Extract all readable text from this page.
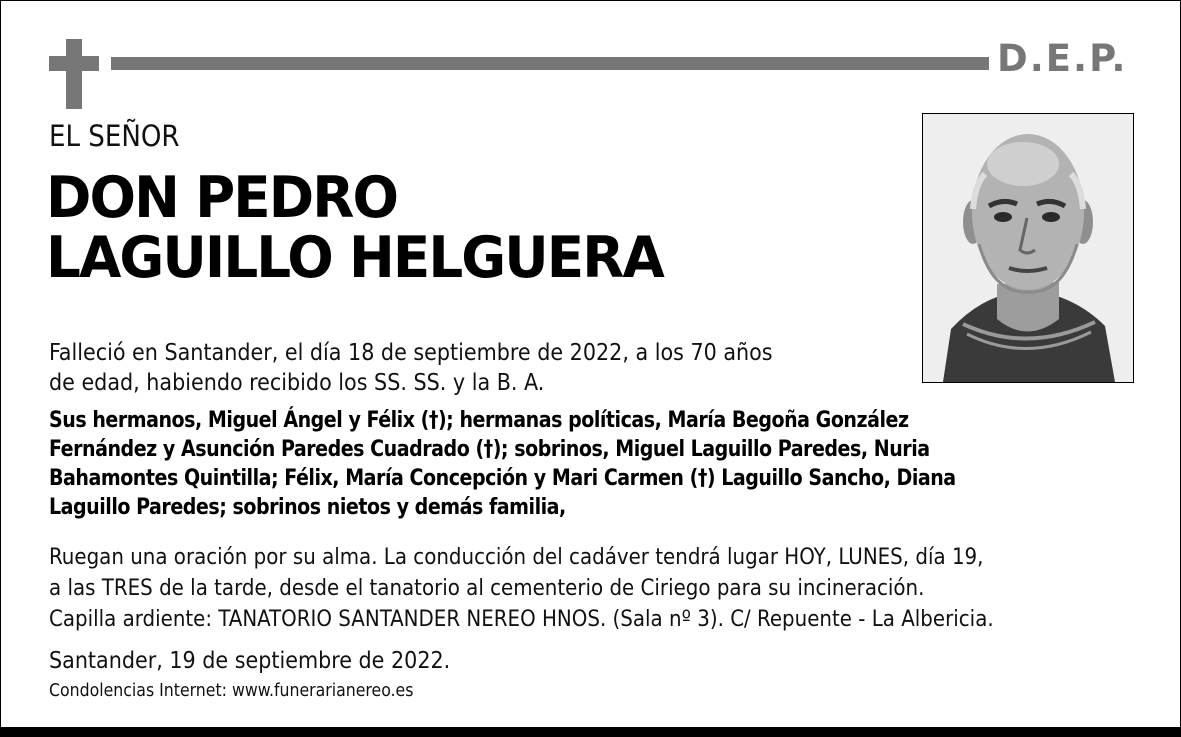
D.E.P.
EL SEÑOR
DON PEDRO
LAGUILLO HELGUERA
Falleció en Santander, el día 18 de septiembre de 2022, a los 70 años
de edad, habiendo recibido los SS. SS. y la B. A.
Sus hermanos, Miguel Ángel y Félix (†); hermanas políticas, María Begoña González
Fernández y Asunción Paredes Cuadrado (†); sobrinos, Miguel Laguillo Paredes, Nuria
Bahamontes Quintilla; Félix, María Concepción y Mari Carmen (†) Laguillo Sancho, Diana
Laguillo Paredes; sobrinos nietos y demás familia,
Ruegan una oración por su alma. La conducción del cadáver tendrá lugar HOY, LUNES, día 19,
a las TRES de la tarde, desde el tanatorio al cementerio de Ciriego para su incineración.
Capilla ardiente: TANATORIO SANTANDER NEREO HNOS. (Sala nº 3). C/ Repuente - La Albericia.
Santander, 19 de septiembre de 2022.
Condolencias Internet: www.funerarianereo.es
